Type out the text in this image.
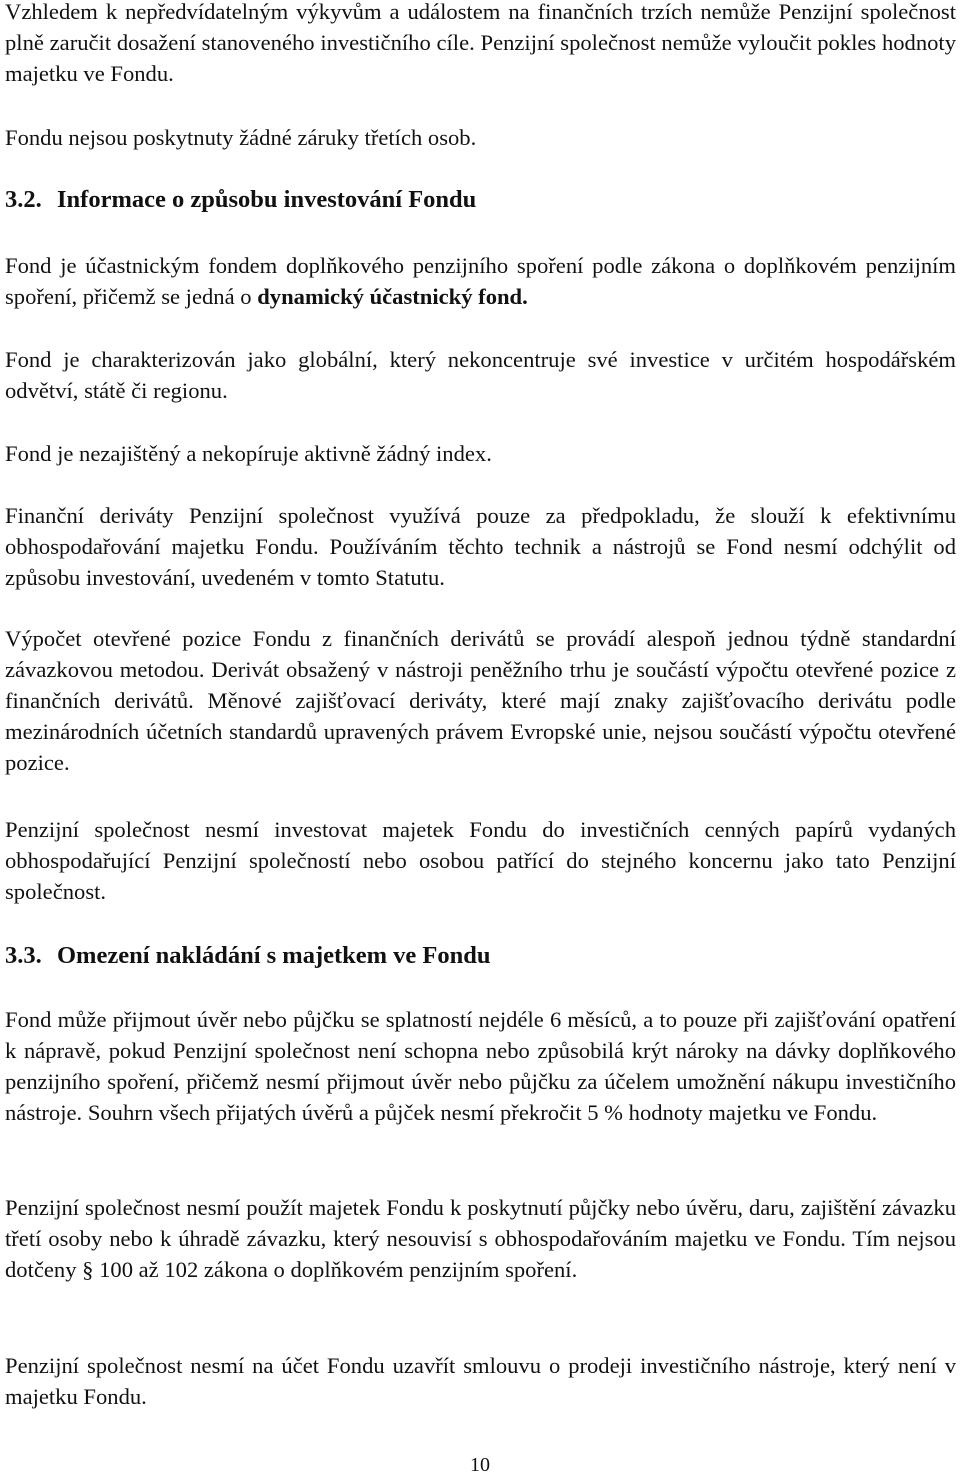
Vzhledem k nepředvídatelným výkyvům a událostem na finančních trzích nemůže Penzijní společnost plně zaručit dosažení stanoveného investičního cíle. Penzijní společnost nemůže vyloučit pokles hodnoty majetku ve Fondu.

Fondu nejsou poskytnuty žádné záruky třetích osob.

3.2. Informace o způsobu investování Fondu

Fond je účastnickým fondem doplňkového penzijního spoření podle zákona o doplňkovém penzijním spoření, přičemž se jedná o dynamický účastnický fond.

Fond je charakterizován jako globální, který nekoncentruje své investice v určitém hospodářském odvětví, státě či regionu.

Fond je nezajištěný a nekopíruje aktivně žádný index.

Finanční deriváty Penzijní společnost využívá pouze za předpokladu, že slouží k efektivnímu obhospodařování majetku Fondu. Používáním těchto technik a nástrojů se Fond nesmí odchýlit od způsobu investování, uvedeném v tomto Statutu.

Výpočet otevřené pozice Fondu z finančních derivátů se provádí alespoň jednou týdně standardní závazkovou metodou. Derivát obsažený v nástroji peněžního trhu je součástí výpočtu otevřené pozice z finančních derivátů. Měnové zajišťovací deriváty, které mají znaky zajišťovacího derivátu podle mezinárodních účetních standardů upravených právem Evropské unie, nejsou součástí výpočtu otevřené pozice.

Penzijní společnost nesmí investovat majetek Fondu do investičních cenných papírů vydaných obhospodařující Penzijní společností nebo osobou patřící do stejného koncernu jako tato Penzijní společnost.

3.3. Omezení nakládání s majetkem ve Fondu

Fond může přijmout úvěr nebo půjčku se splatností nejdéle 6 měsíců, a to pouze při zajišťování opatření k nápravě, pokud Penzijní společnost není schopna nebo způsobilá krýt nároky na dávky doplňkového penzijního spoření, přičemž nesmí přijmout úvěr nebo půjčku za účelem umožnění nákupu investičního nástroje. Souhrn všech přijatých úvěrů a půjček nesmí překročit 5 % hodnoty majetku ve Fondu.

Penzijní společnost nesmí použít majetek Fondu k poskytnutí půjčky nebo úvěru, daru, zajištění závazku třetí osoby nebo k úhradě závazku, který nesouvisí s obhospodařováním majetku ve Fondu. Tím nejsou dotčeny § 100 až 102 zákona o doplňkovém penzijním spoření.

Penzijní společnost nesmí na účet Fondu uzavřít smlouvu o prodeji investičního nástroje, který není v majetku Fondu.

10
